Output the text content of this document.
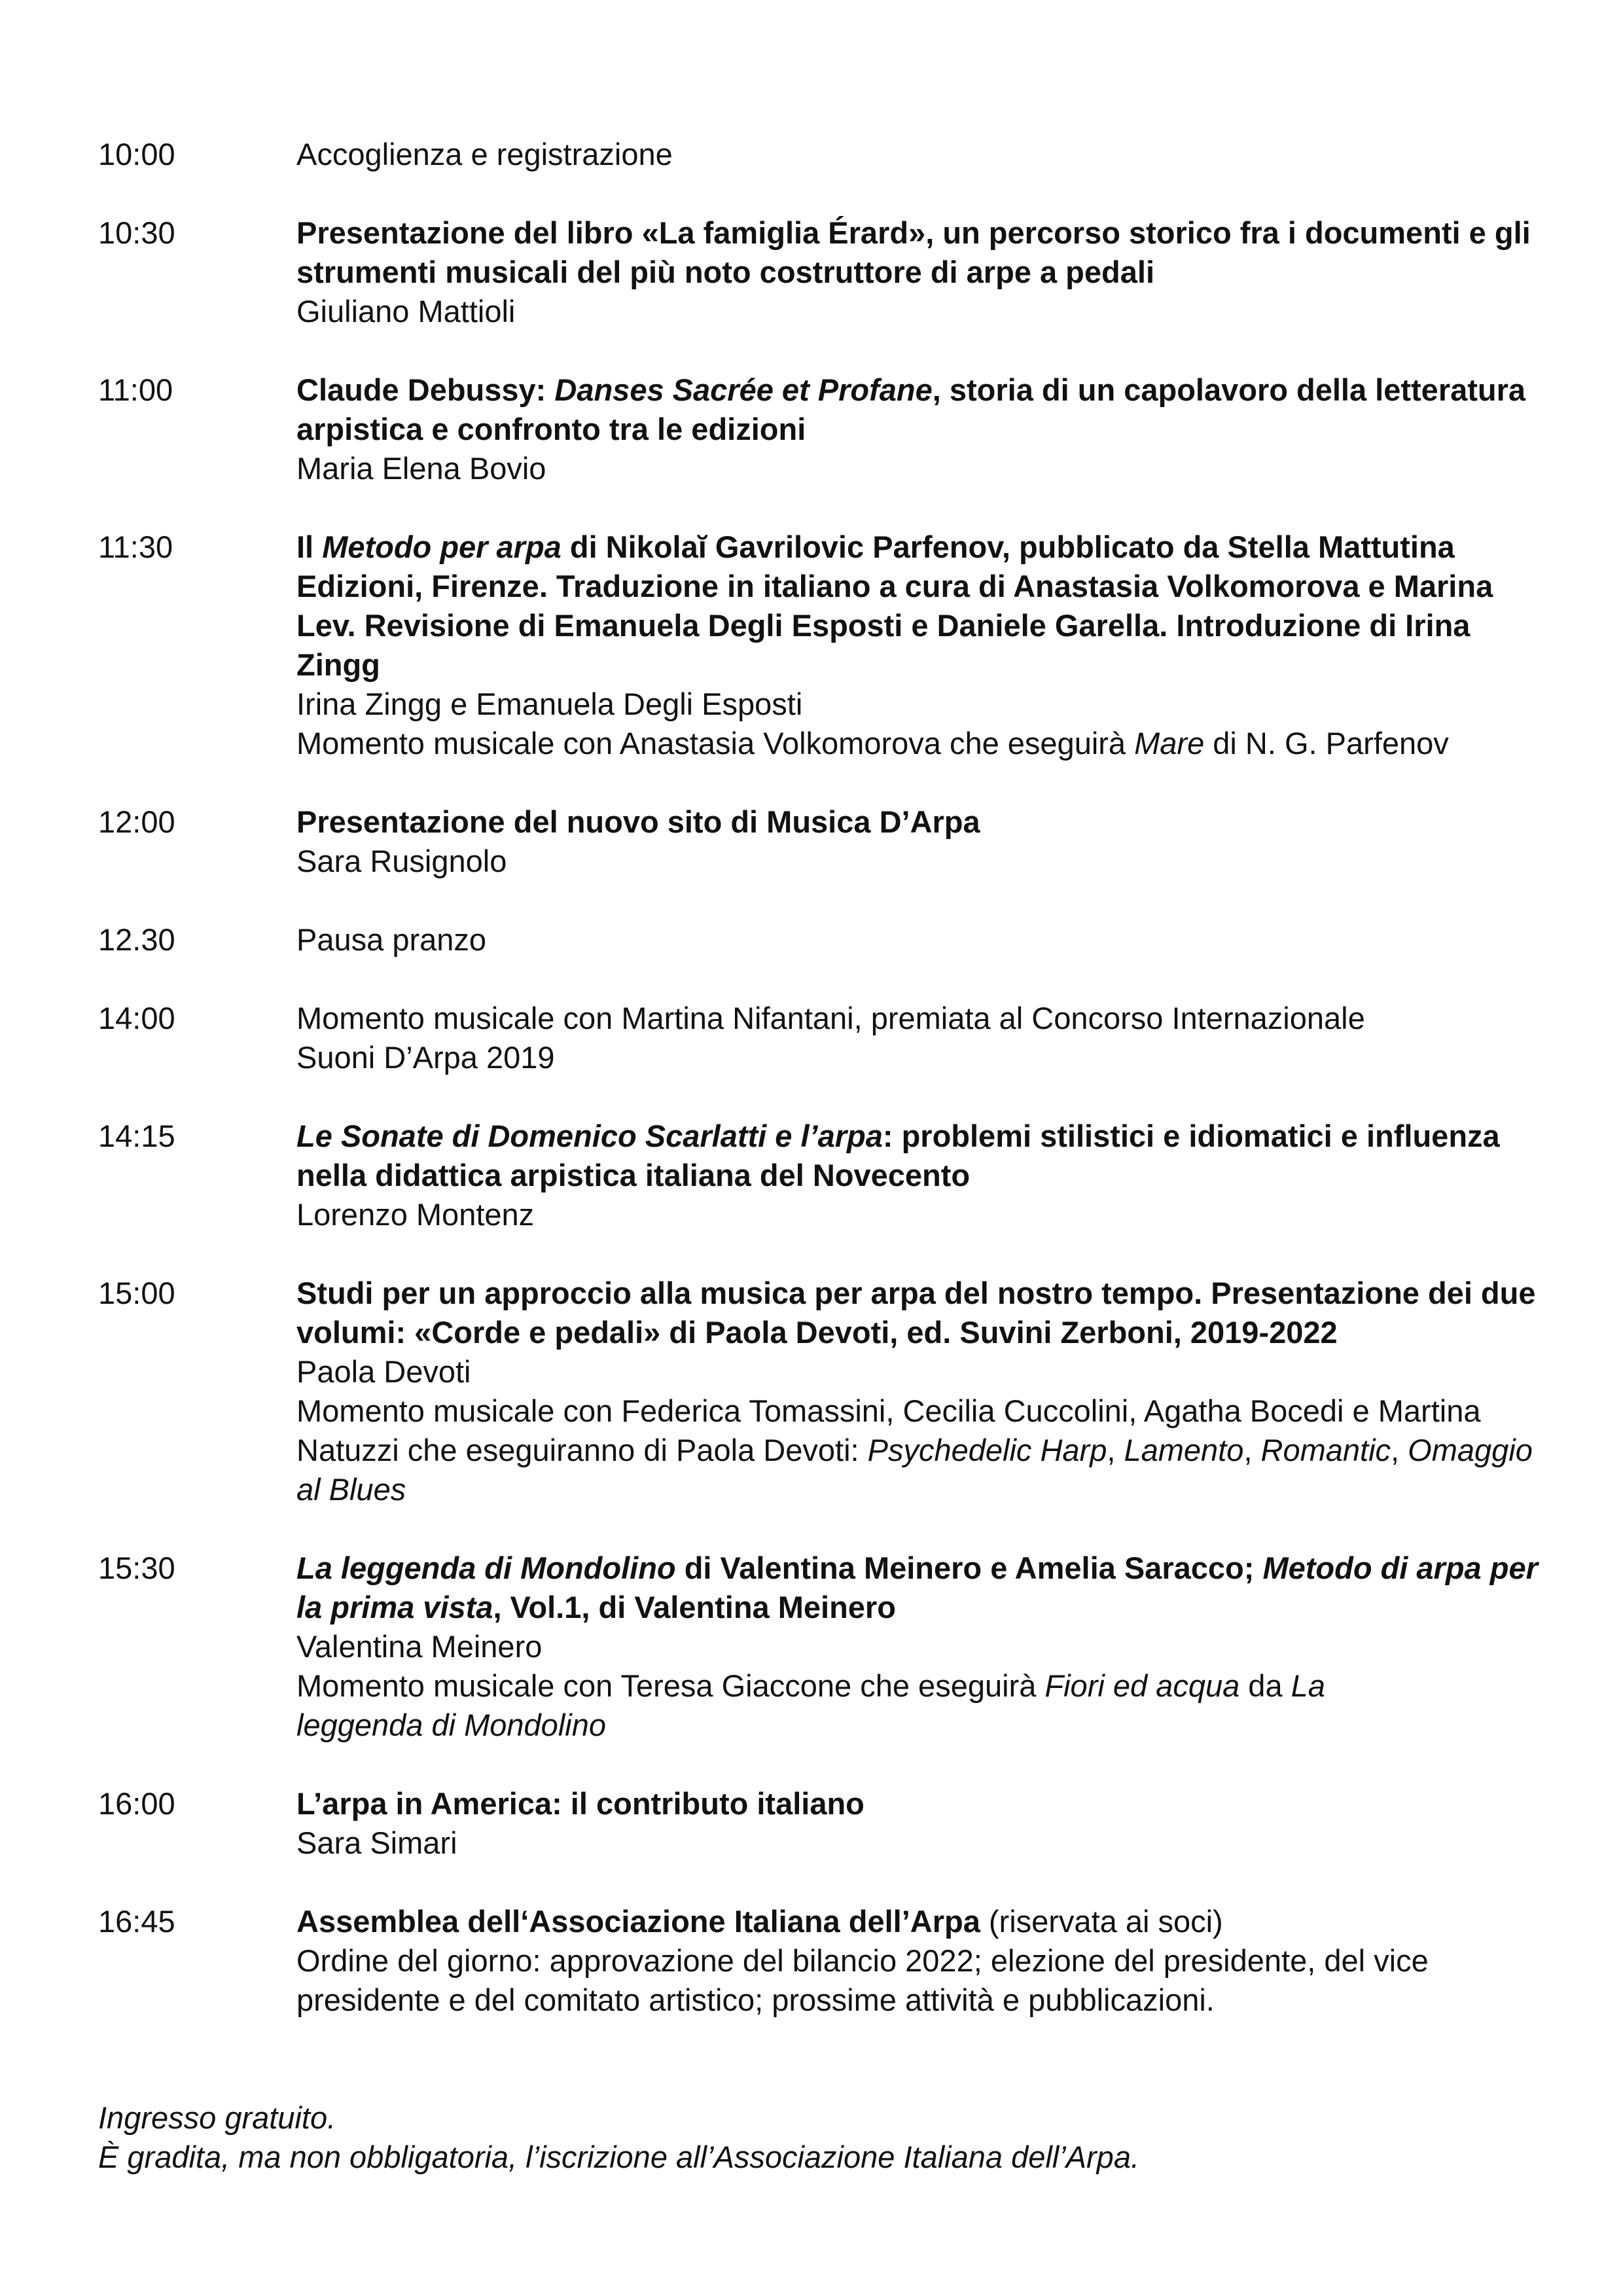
10:00	Accoglienza e registrazione
10:30	Presentazione del libro «La famiglia Érard», un percorso storico fra i documenti e gli strumenti musicali del più noto costruttore di arpe a pedali
Giuliano Mattioli
11:00	Claude Debussy: Danses Sacrée et Profane, storia di un capolavoro della letteratura arpistica e confronto tra le edizioni
Maria Elena Bovio
11:30	Il Metodo per arpa di Nikolaĭ Gavrilovic Parfenov, pubblicato da Stella Mattutina Edizioni, Firenze. Traduzione in italiano a cura di Anastasia Volkomorova e Marina Lev. Revisione di Emanuela Degli Esposti e Daniele Garella. Introduzione di Irina Zingg
Irina Zingg e Emanuela Degli Esposti
Momento musicale con Anastasia Volkomorova che eseguirà Mare di N. G. Parfenov
12:00	Presentazione del nuovo sito di Musica D’Arpa
Sara Rusignolo
12.30	Pausa pranzo
14:00	Momento musicale con Martina Nifantani, premiata al Concorso Internazionale Suoni D’Arpa 2019
14:15	Le Sonate di Domenico Scarlatti e l’arpa: problemi stilistici e idiomatici e influenza nella didattica arpistica italiana del Novecento
Lorenzo Montenz
15:00	Studi per un approccio alla musica per arpa del nostro tempo. Presentazione dei due volumi: «Corde e pedali» di Paola Devoti, ed. Suvini Zerboni, 2019-2022
Paola Devoti
Momento musicale con Federica Tomassini, Cecilia Cuccolini, Agatha Bocedi e Martina Natuzzi che eseguiranno di Paola Devoti: Psychedelic Harp, Lamento, Romantic, Omaggio al Blues
15:30	La leggenda di Mondolino di Valentina Meinero e Amelia Saracco; Metodo di arpa per la prima vista, Vol.1, di Valentina Meinero
Valentina Meinero
Momento musicale con Teresa Giaccone che eseguirà Fiori ed acqua da La leggenda di Mondolino
16:00	L’arpa in America: il contributo italiano
Sara Simari
16:45	Assemblea dell‘Associazione Italiana dell’Arpa (riservata ai soci)
Ordine del giorno: approvazione del bilancio 2022; elezione del presidente, del vice presidente e del comitato artistico; prossime attività e pubblicazioni.
Ingresso gratuito.
È gradita, ma non obbligatoria, l’iscrizione all’Associazione Italiana dell’Arpa.
